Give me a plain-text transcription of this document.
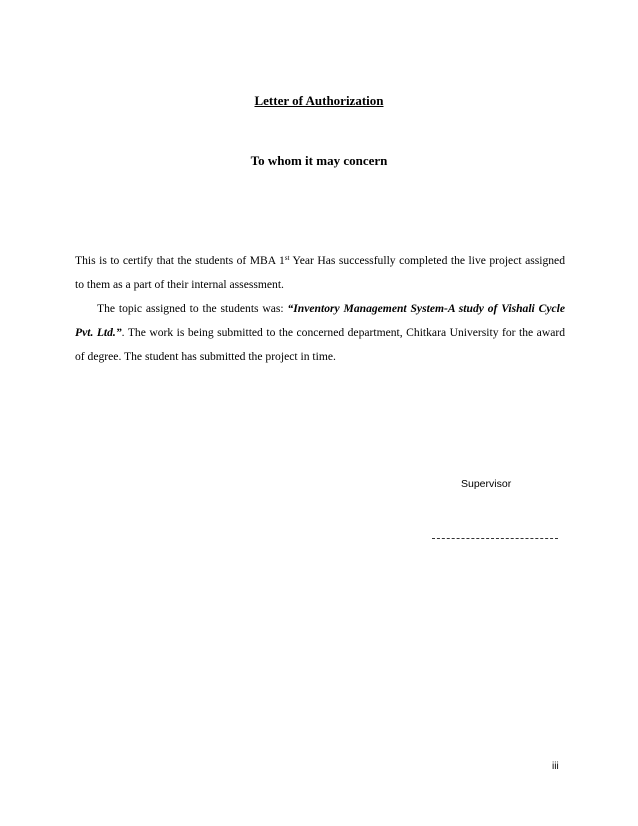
Letter of Authorization
To whom it may concern

This is to certify that the students of MBA 1st Year Has successfully completed the live project assigned to them as a part of their internal assessment.

The topic assigned to the students was: “Inventory Management System-A study of Vishali Cycle Pvt. Ltd.”. The work is being submitted to the concerned department, Chitkara University for the award of degree. The student has submitted the project in time.

Supervisor
iii
